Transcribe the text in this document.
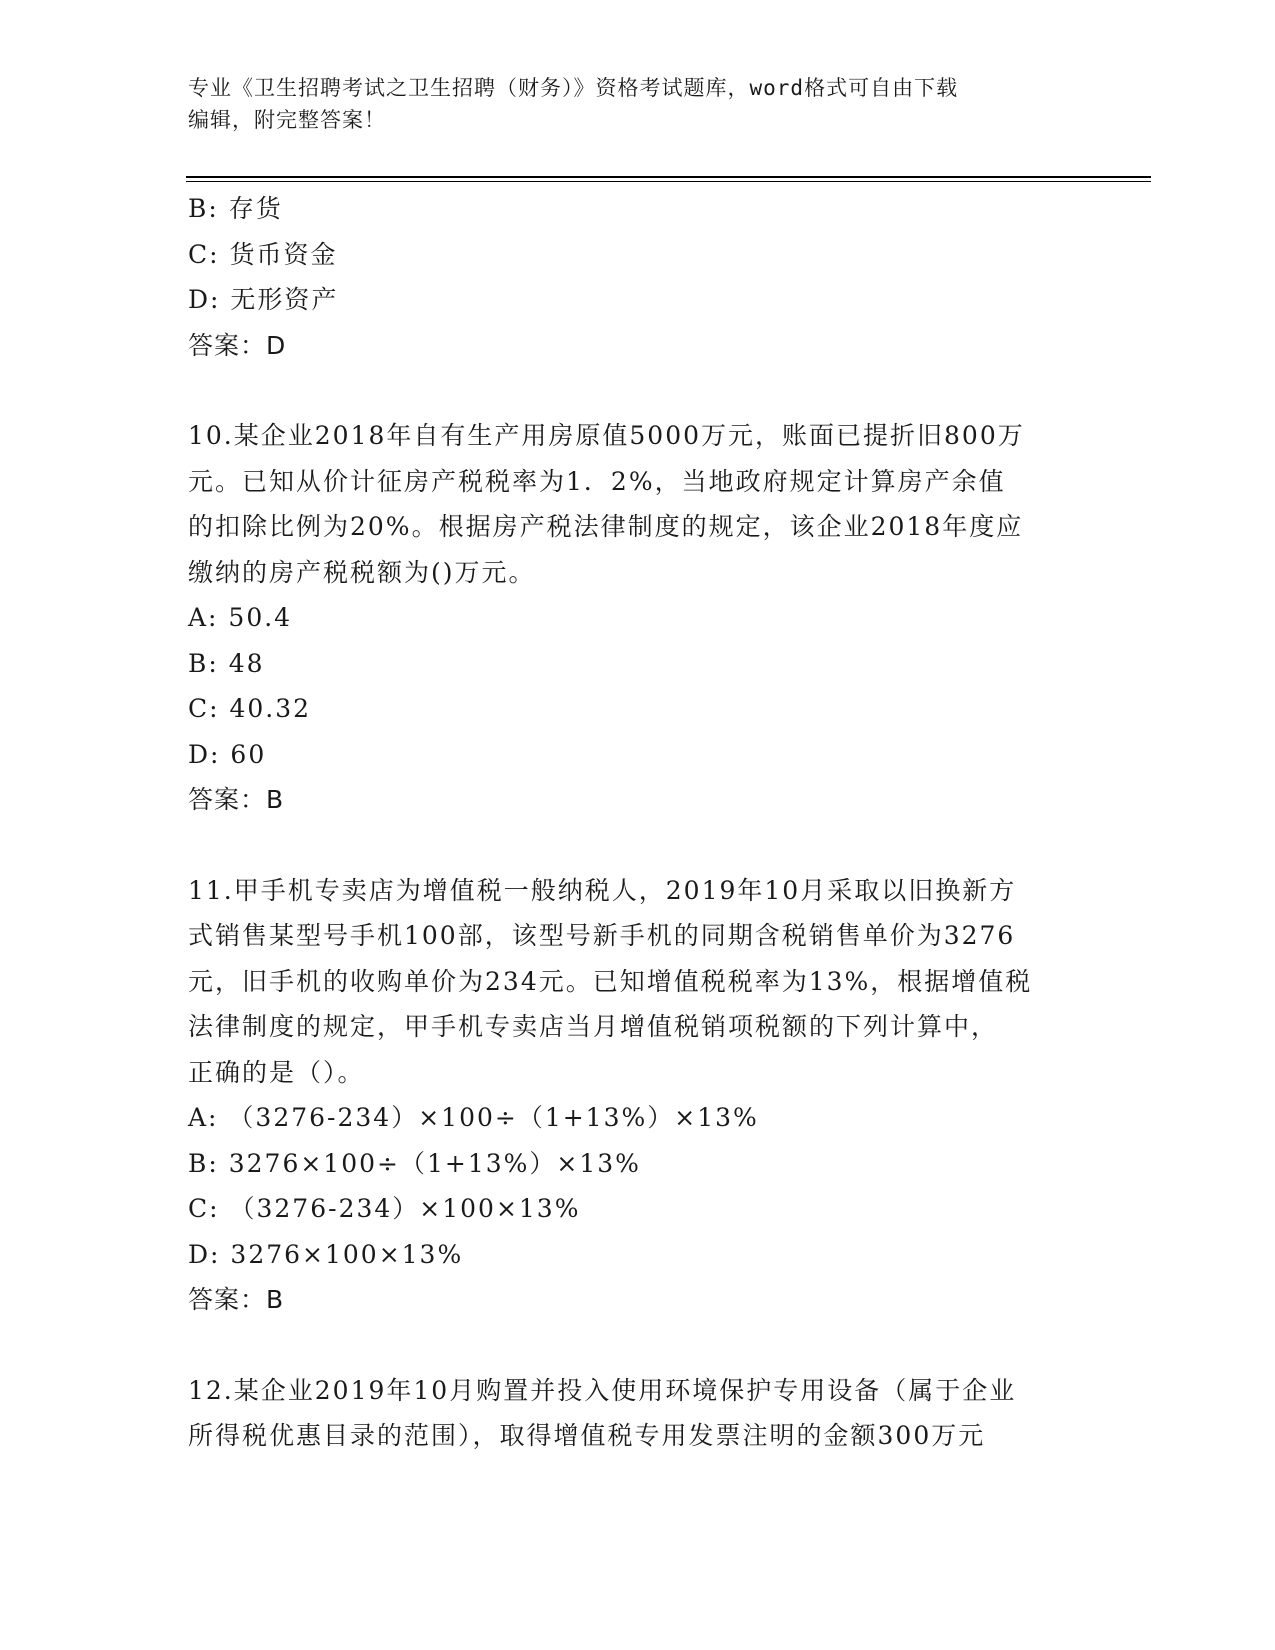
专业《卫生招聘考试之卫生招聘（财务）》资格考试题库，word格式可自由下载
编辑，附完整答案！
B: 存货
C: 货币资金
D: 无形资产
答案：D
10.某企业2018年自有生产用房原值5000万元，账面已提折旧800万
元。已知从价计征房产税税率为1．2%，当地政府规定计算房产余值
的扣除比例为20%。根据房产税法律制度的规定，该企业2018年度应
缴纳的房产税税额为()万元。
A: 50.4
B: 48
C: 40.32
D: 60
答案：B
11.甲手机专卖店为增值税一般纳税人，2019年10月采取以旧换新方
式销售某型号手机100部，该型号新手机的同期含税销售单价为3276
元，旧手机的收购单价为234元。已知增值税税率为13%，根据增值税
法律制度的规定，甲手机专卖店当月增值税销项税额的下列计算中，
正确的是（）。
A: （3276-234）×100÷（1+13%）×13%
B: 3276×100÷（1+13%）×13%
C: （3276-234）×100×13%
D: 3276×100×13%
答案：B
12.某企业2019年10月购置并投入使用环境保护专用设备（属于企业
所得税优惠目录的范围），取得增值税专用发票注明的金额300万元
